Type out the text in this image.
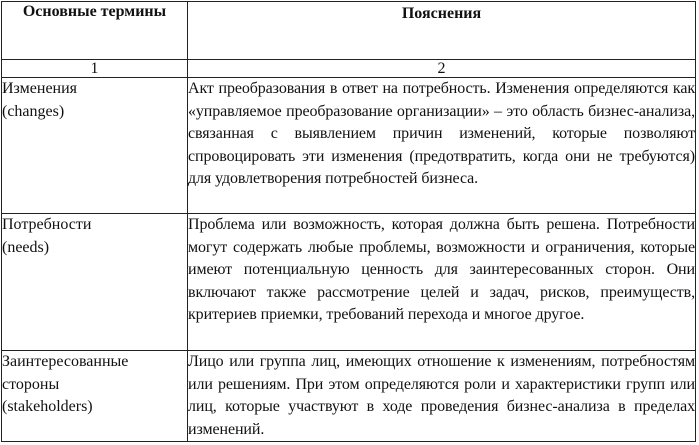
Основные термины	Пояснения
1	2

Изменения
(changes)	Акт преобразования в ответ на потребность. Изменения определяются как «управляемое преобразование организации» – это область бизнес-анализа, связанная с выявлением причин изменений, которые позволяют спровоцировать эти изменения (предотвратить, когда они не требуются) для удовлетворения потребностей бизнеса.

Потребности
(needs)	Проблема или возможность, которая должна быть решена. Потребности могут содержать любые проблемы, возможности и ограничения, которые имеют потенциальную ценность для заинтересованных сторон. Они включают также рассмотрение целей и задач, рисков, преимуществ, критериев приемки, требований перехода и многое другое.

Заинтересованные стороны
(stakeholders)	Лицо или группа лиц, имеющих отношение к изменениям, потребностям или решениям. При этом определяются роли и характеристики групп или лиц, которые участвуют в ходе проведения бизнес-анализа в пределах изменений.
